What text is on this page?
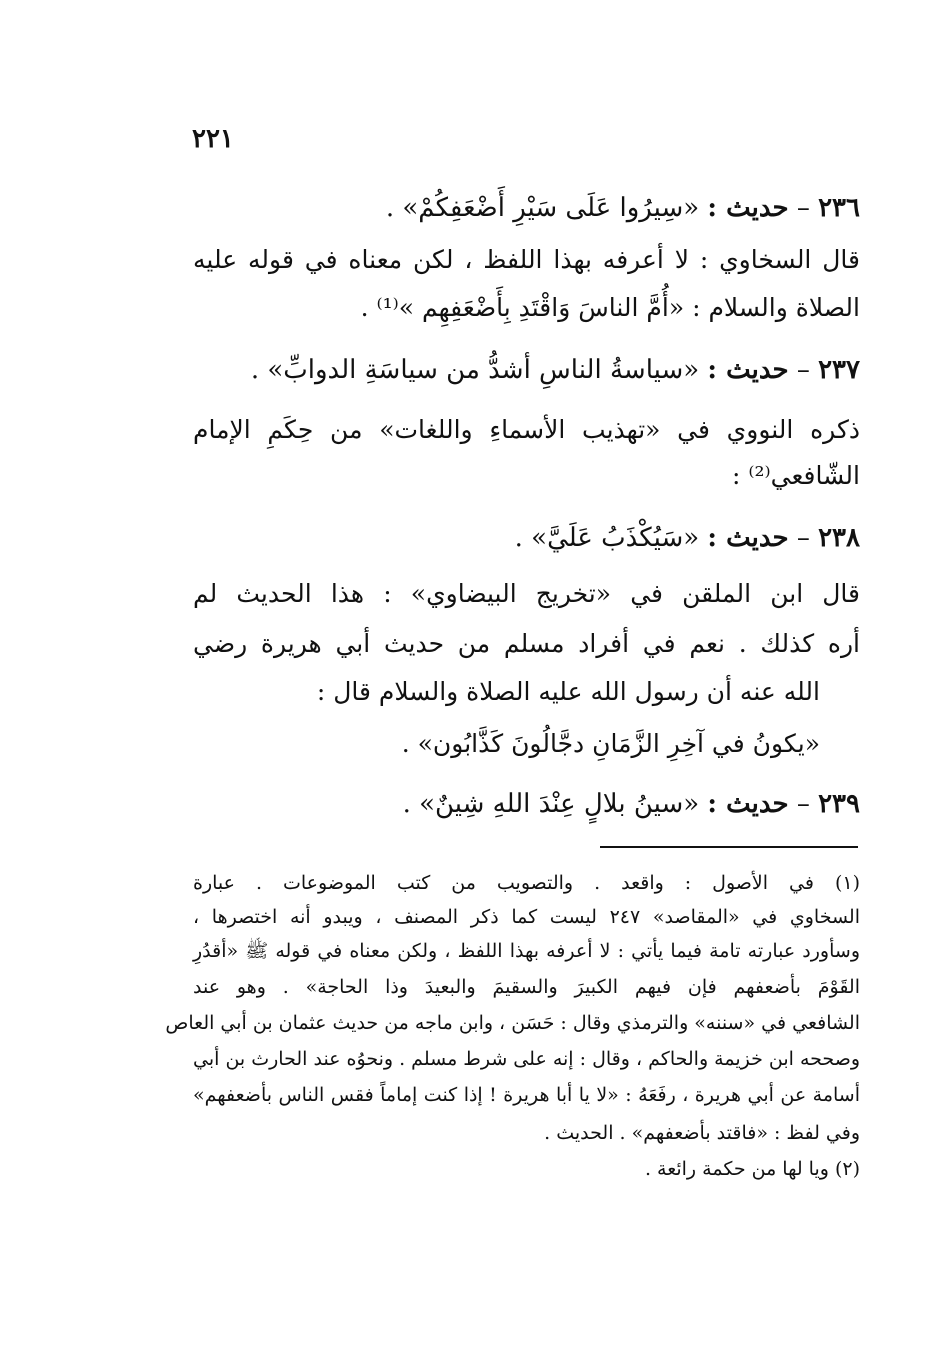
٢٢١
٢٣٦ – حديث : «سِيرُوا عَلَى سَيْرِ أَضْعَفِكُمْ» .
قال السخاوي : لا أعرفه بهذا اللفظ ، لكن معناه في قوله عليه
الصلاة والسلام : «أُمَّ الناسَ وَاقْتَدِ بِأَضْعَفِهِم »⁽¹⁾ .
٢٣٧ – حديث : «سياسةُ الناسِ أشدُّ من سياسَةِ الدوابِّ» .
ذكره النووي في «تهذيب الأسماءِ واللغات» من حِكَمِ الإمام
الشّافعي⁽²⁾ :
٢٣٨ – حديث : «سَيُكْذَبُ عَلَيَّ» .
قال ابن الملقن في «تخريج البيضاوي» : هذا الحديث لم
أره كذلك . نعم في أفراد مسلم من حديث أبي هريرة رضي
الله عنه أن رسول الله عليه الصلاة والسلام قال :
«يكونُ في آخِرِ الزَّمَانِ دجَّالُونَ كَذَّابُون» .
٢٣٩ – حديث : «سينُ بلالٍ عِنْدَ اللهِ شِينٌ» .
(١) في الأصول : واقعد . والتصويب من كتب الموضوعات . عبارة
السخاوي في «المقاصد» ٢٤٧ ليست كما ذكر المصنف ، ويبدو أنه اختصرها ،
وسأورد عبارته تامة فيما يأتي : لا أعرفه بهذا اللفظ ، ولكن معناه في قوله ﷺ «أقدُرِ
القَوْمَ بأضعفهم فإن فيهم الكبيرَ والسقيمَ والبعيدَ وذا الحاجة» . وهو عند
الشافعي في «سننه» والترمذي وقال : حَسَن ، وابن ماجه من حديث عثمان بن أبي العاص
وصححه ابن خزيمة والحاكم ، وقال : إنه على شرط مسلم . ونحوُه عند الحارث بن أبي
أسامة عن أبي هريرة ، رفَعَهُ : «لا يا أبا هريرة ! إذا كنت إماماً فقس الناس بأضعفهم»
وفي لفظ : «فاقتد بأضعفهم» . الحديث .
(٢) ويا لها من حكمة رائعة .
